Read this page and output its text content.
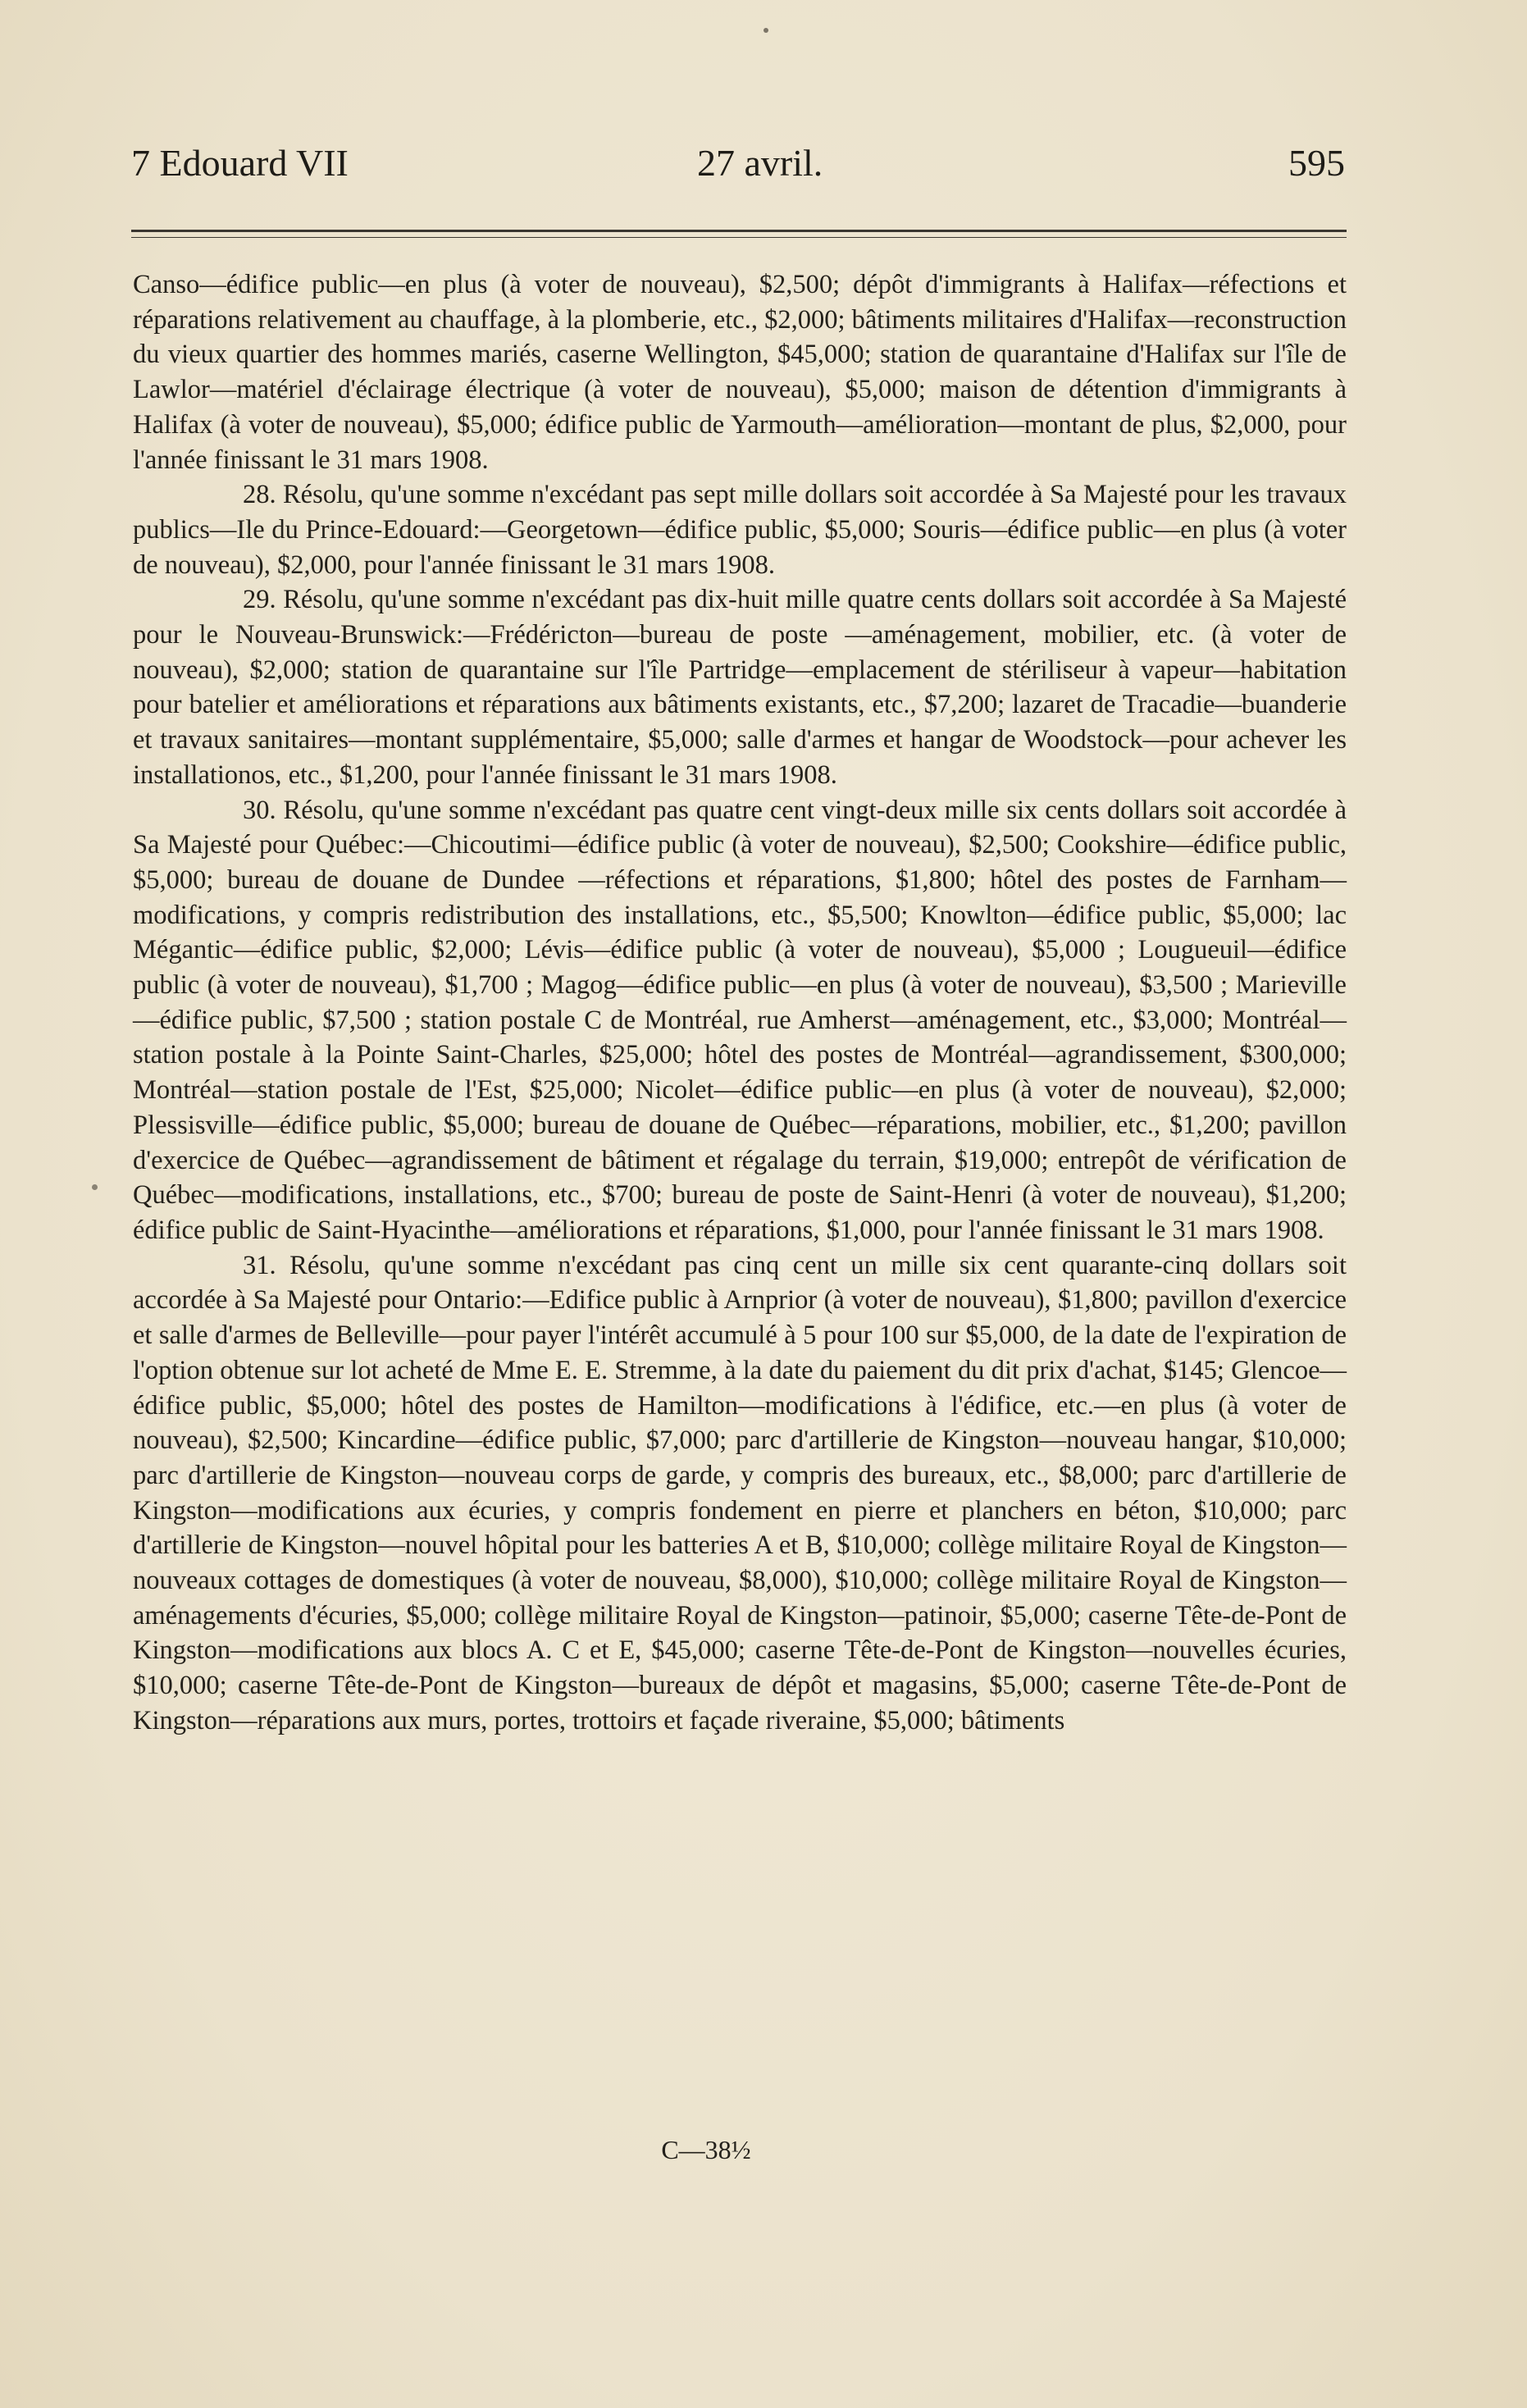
7 Edouard VII	27 avril.	595

Canso—édifice public—en plus (à voter de nouveau), $2,500; dépôt d'immigrants à Halifax—réfections et réparations relativement au chauffage, à la plomberie, etc., $2,000; bâtiments militaires d'Halifax—reconstruction du vieux quartier des hommes mariés, caserne Wellington, $45,000; station de quarantaine d'Halifax sur l'île de Lawlor—matériel d'éclairage électrique (à voter de nouveau), $5,000; maison de détention d'immigrants à Halifax (à voter de nouveau), $5,000; édifice public de Yarmouth—amélioration—montant de plus, $2,000, pour l'année finissant le 31 mars 1908.

28. Résolu, qu'une somme n'excédant pas sept mille dollars soit accordée à Sa Majesté pour les travaux publics—Ile du Prince-Edouard:—Georgetown—édifice public, $5,000; Souris—édifice public—en plus (à voter de nouveau), $2,000, pour l'année finissant le 31 mars 1908.

29. Résolu, qu'une somme n'excédant pas dix-huit mille quatre cents dollars soit accordée à Sa Majesté pour le Nouveau-Brunswick:—Frédéricton—bureau de poste —aménagement, mobilier, etc. (à voter de nouveau), $2,000; station de quarantaine sur l'île Partridge—emplacement de stériliseur à vapeur—habitation pour batelier et améliorations et réparations aux bâtiments existants, etc., $7,200; lazaret de Tracadie—buanderie et travaux sanitaires—montant supplémentaire, $5,000; salle d'armes et hangar de Woodstock—pour achever les installationos, etc., $1,200, pour l'année finissant le 31 mars 1908.

30. Résolu, qu'une somme n'excédant pas quatre cent vingt-deux mille six cents dollars soit accordée à Sa Majesté pour Québec:—Chicoutimi—édifice public (à voter de nouveau), $2,500; Cookshire—édifice public, $5,000; bureau de douane de Dundee —réfections et réparations, $1,800; hôtel des postes de Farnham—modifications, y compris redistribution des installations, etc., $5,500; Knowlton—édifice public, $5,000; lac Mégantic—édifice public, $2,000; Lévis—édifice public (à voter de nouveau), $5,000 ; Lougueuil—édifice public (à voter de nouveau), $1,700 ; Magog—édifice public—en plus (à voter de nouveau), $3,500 ; Marieville—édifice public, $7,500 ; station postale C de Montréal, rue Amherst—aménagement, etc., $3,000; Montréal—station postale à la Pointe Saint-Charles, $25,000; hôtel des postes de Montréal—agrandissement, $300,000; Montréal—station postale de l'Est, $25,000; Nicolet—édifice public—en plus (à voter de nouveau), $2,000; Plessisville—édifice public, $5,000; bureau de douane de Québec—réparations, mobilier, etc., $1,200; pavillon d'exercice de Québec—agrandissement de bâtiment et régalage du terrain, $19,000; entrepôt de vérification de Québec—modifications, installations, etc., $700; bureau de poste de Saint-Henri (à voter de nouveau), $1,200; édifice public de Saint-Hyacinthe—améliorations et réparations, $1,000, pour l'année finissant le 31 mars 1908.

31. Résolu, qu'une somme n'excédant pas cinq cent un mille six cent quarante-cinq dollars soit accordée à Sa Majesté pour Ontario:—Edifice public à Arnprior (à voter de nouveau), $1,800; pavillon d'exercice et salle d'armes de Belleville—pour payer l'intérêt accumulé à 5 pour 100 sur $5,000, de la date de l'expiration de l'option obtenue sur lot acheté de Mme E. E. Stremme, à la date du paiement du dit prix d'achat, $145; Glencoe—édifice public, $5,000; hôtel des postes de Hamilton—modifications à l'édifice, etc.—en plus (à voter de nouveau), $2,500; Kincardine—édifice public, $7,000; parc d'artillerie de Kingston—nouveau hangar, $10,000; parc d'artillerie de Kingston—nouveau corps de garde, y compris des bureaux, etc., $8,000; parc d'artillerie de Kingston—modifications aux écuries, y compris fondement en pierre et planchers en béton, $10,000; parc d'artillerie de Kingston—nouvel hôpital pour les batteries A et B, $10,000; collège militaire Royal de Kingston—nouveaux cottages de domestiques (à voter de nouveau, $8,000), $10,000; collège militaire Royal de Kingston—aménagements d'écuries, $5,000; collège militaire Royal de Kingston—patinoir, $5,000; caserne Tête-de-Pont de Kingston—modifications aux blocs A. C et E, $45,000; caserne Tête-de-Pont de Kingston—nouvelles écuries, $10,000; caserne Tête-de-Pont de Kingston—bureaux de dépôt et magasins, $5,000; caserne Tête-de-Pont de Kingston—réparations aux murs, portes, trottoirs et façade riveraine, $5,000; bâtiments

C—38½
